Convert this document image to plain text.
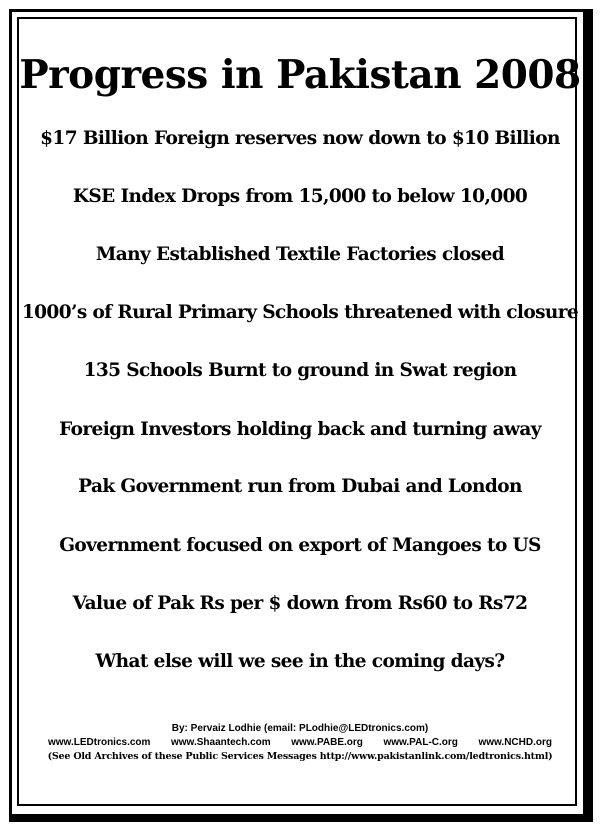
Progress in Pakistan 2008
$17 Billion Foreign reserves now down to $10 Billion
KSE Index Drops from 15,000 to below 10,000
Many Established Textile Factories closed
1000’s of Rural Primary Schools threatened with closure
135 Schools Burnt to ground in Swat region
Foreign Investors holding back and turning away
Pak Government run from Dubai and London
Government focused on export of Mangoes to US
Value of Pak Rs per $ down from Rs60 to Rs72
What else will we see in the coming days?
By: Pervaiz Lodhie (email: PLodhie@LEDtronics.com)
www.LEDtronics.com www.Shaantech.com www.PABE.org www.PAL-C.org www.NCHD.org
(See Old Archives of these Public Services Messages http://www.pakistanlink.com/ledtronics.html)
